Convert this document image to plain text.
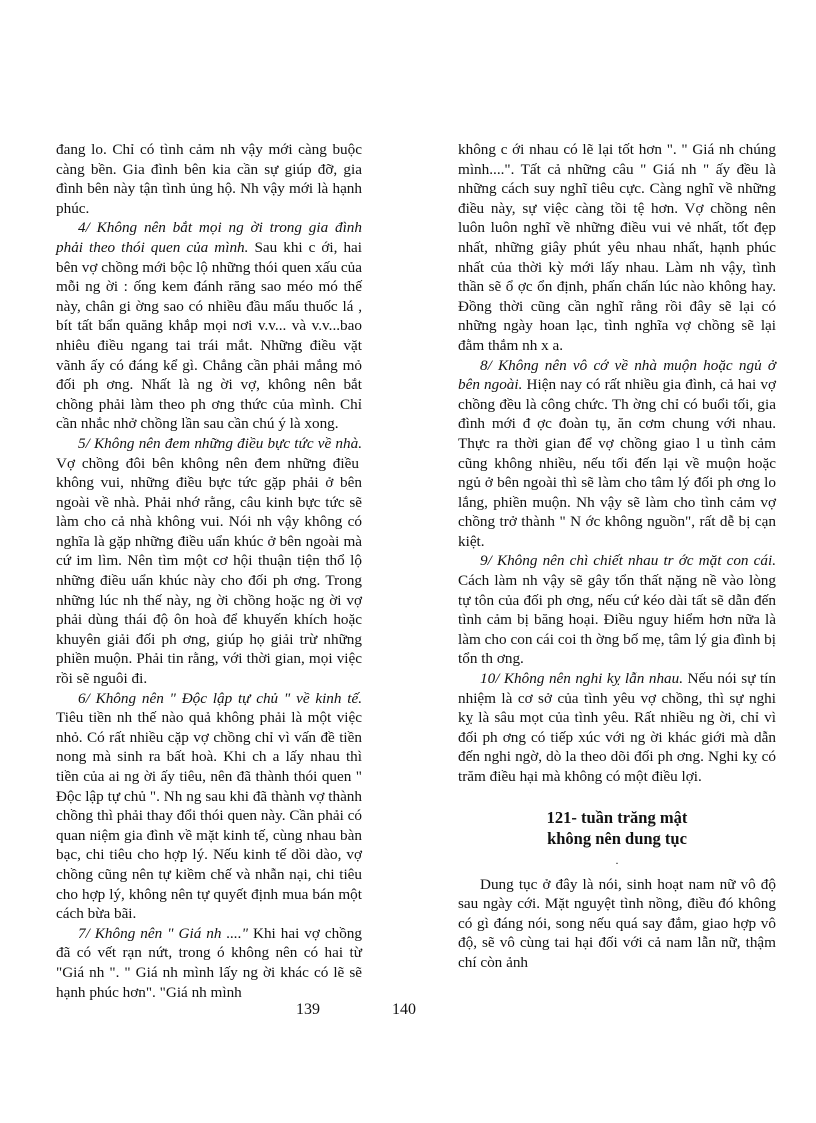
đang lo. Chỉ có tình cảm nh vậy mới càng buộc càng bền. Gia đình bên kia cần sự giúp đỡ, gia đình bên này tận tình ủng hộ. Nh vậy mới là hạnh phúc.

4/ Không nên bắt mọi ng ời trong gia đình phải theo thói quen của mình. Sau khi c ới, hai bên vợ chồng mới bộc lộ những thói quen xấu của mỗi ng ời : ống kem đánh răng sao méo mó thế này, chân gi ờng sao có nhiều đầu mẩu thuốc lá , bít tất bẩn quăng khắp mọi nơi v.v... và v.v...bao nhiêu điều ngang tai trái mắt. Những điều vặt vãnh ấy có đáng kể gì. Chẳng cần phải mắng mỏ đối ph ơng. Nhất là ng ời vợ, không nên bắt chồng phải làm theo ph ơng thức của mình. Chỉ cần nhắc nhở chồng lần sau cần chú ý là xong.

5/ Không nên đem những điều bực tức về nhà. Vợ chồng đôi bên không nên đem những điều không vui, những điều bực tức gặp phải ở bên ngoài về nhà. Phải nhớ rằng, câu kinh bực tức sẽ làm cho cả nhà không vui. Nói nh vậy không có nghĩa là gặp những điều uẩn khúc ở bên ngoài mà cứ im lìm. Nên tìm một cơ hội thuận tiện thổ lộ những điều uẩn khúc này cho đối ph ơng. Trong những lúc nh thế này, ng ời chồng hoặc ng ời vợ phải dùng thái độ ôn hoà để khuyến khích hoặc khuyên giải đối ph ơng, giúp họ giải trừ những phiền muộn. Phải tin rằng, với thời gian, mọi việc rồi sẽ nguôi đi.

6/ Không nên " Độc lập tự chủ " về kinh tế. Tiêu tiền nh thế nào quả không phải là một việc nhỏ. Có rất nhiều cặp vợ chồng chỉ vì vấn đề tiền nong mà sinh ra bất hoà. Khi ch a lấy nhau thì tiền của ai ng ời ấy tiêu, nên đã thành thói quen " Độc lập tự chủ ". Nh ng sau khi đã thành vợ thành chồng thì phải thay đổi thói quen này. Cần phải có quan niệm gia đình về mặt kinh tế, cùng nhau bàn bạc, chi tiêu cho hợp lý. Nếu kinh tế dồi dào, vợ chồng cũng nên tự kiềm chế và nhẫn nại, chi tiêu cho hợp lý, không nên tự quyết định mua bán một cách bừa bãi.

7/ Không nên " Giá nh ...." Khi hai vợ chồng đã có vết rạn nứt, trong ó không nên có hai từ "Giá nh ". " Giá nh mình lấy ng ời khác có lẽ sẽ hạnh phúc hơn". "Giá nh mình

không c ới nhau có lẽ lại tốt hơn ". " Giá nh chúng mình....". Tất cả những câu " Giá nh " ấy đều là những cách suy nghĩ tiêu cực. Càng nghĩ về những điều này, sự việc càng tồi tệ hơn. Vợ chồng nên luôn luôn nghĩ về những điều vui vẻ nhất, tốt đẹp nhất, những giây phút yêu nhau nhất, hạnh phúc nhất của thời kỳ mới lấy nhau. Làm nh vậy, tình thần sẽ ổ ợc ổn định, phấn chấn lúc nào không hay. Đồng thời cũng cần nghĩ rằng rồi đây sẽ lại có những ngày hoan lạc, tình nghĩa vợ chồng sẽ lại đằm thắm nh x a.

8/ Không nên vô cớ về nhà muộn hoặc ngủ ở bên ngoài. Hiện nay có rất nhiều gia đình, cả hai vợ chồng đều là công chức. Th ờng chỉ có buổi tối, gia đình mới đ ợc đoàn tụ, ăn cơm chung với nhau. Thực ra thời gian để vợ chồng giao l u tình cảm cũng không nhiều, nếu tối đến lại về muộn hoặc ngủ ở bên ngoài thì sẽ làm cho tâm lý đối ph ơng lo lắng, phiền muộn. Nh vậy sẽ làm cho tình cảm vợ chồng trở thành " N ớc không nguồn", rất dễ bị cạn kiệt.

9/ Không nên chì chiết nhau tr ớc mặt con cái. Cách làm nh vậy sẽ gây tổn thất nặng nề vào lòng tự tôn của đối ph ơng, nếu cứ kéo dài tất sẽ dẫn đến tình cảm bị băng hoại. Điều nguy hiểm hơn nữa là làm cho con cái coi th ờng bố mẹ, tâm lý gia đình bị tổn th ơng.

10/ Không nên nghi kỵ lẫn nhau. Nếu nói sự tín nhiệm là cơ sở của tình yêu vợ chồng, thì sự nghi kỵ là sâu mọt của tình yêu. Rất nhiều ng ời, chỉ vì đối ph ơng có tiếp xúc với ng ời khác giới mà dẫn đến nghi ngờ, dò la theo dõi đối ph ơng. Nghi kỵ có trăm điều hại mà không có một điều lợi.

121- tuần trăng mật
không nên dung tục
.

Dung tục ở đây là nói, sinh hoạt nam nữ vô độ sau ngày cới. Mặt nguyệt tình nồng, điều đó không có gì đáng nói, song nếu quá say đắm, giao hợp vô độ, sẽ vô cùng tai hại đối với cả nam lẫn nữ, thậm chí còn ảnh

139	140
